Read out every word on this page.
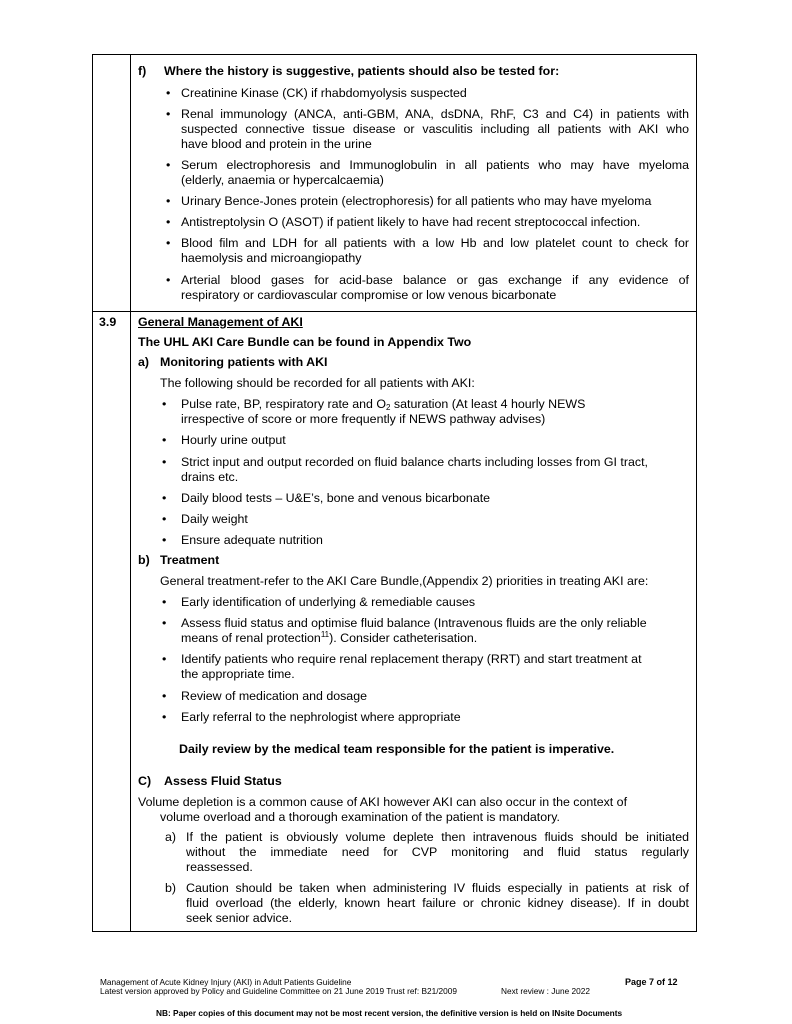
f) Where the history is suggestive, patients should also be tested for:
• Creatinine Kinase (CK) if rhabdomyolysis suspected
• Renal immunology (ANCA, anti-GBM, ANA, dsDNA, RhF, C3 and C4) in patients with
suspected connective tissue disease or vasculitis including all patients with AKI who
have blood and protein in the urine
• Serum electrophoresis and Immunoglobulin in all patients who may have myeloma
(elderly, anaemia or hypercalcaemia)
• Urinary Bence-Jones protein (electrophoresis) for all patients who may have myeloma
• Antistreptolysin O (ASOT) if patient likely to have had recent streptococcal infection.
• Blood film and LDH for all patients with a low Hb and low platelet count to check for
haemolysis and microangiopathy
• Arterial blood gases for acid-base balance or gas exchange if any evidence of
respiratory or cardiovascular compromise or low venous bicarbonate
3.9 General Management of AKI
The UHL AKI Care Bundle can be found in Appendix Two
a) Monitoring patients with AKI
The following should be recorded for all patients with AKI:
• Pulse rate, BP, respiratory rate and $O_2$ saturation (At least 4 hourly NEWS
irrespective of score or more frequently if NEWS pathway advises)
• Hourly urine output
• Strict input and output recorded on fluid balance charts including losses from GI tract,
drains etc.
• Daily blood tests – U&E’s, bone and venous bicarbonate
• Daily weight
• Ensure adequate nutrition
b) Treatment
General treatment-refer to the AKI Care Bundle,(Appendix 2) priorities in treating AKI are:
• Early identification of underlying & remediable causes
• Assess fluid status and optimise fluid balance (Intravenous fluids are the only reliable
means of renal protection$^{11}$). Consider catheterisation.
• Identify patients who require renal replacement therapy (RRT) and start treatment at
the appropriate time.
• Review of medication and dosage
• Early referral to the nephrologist where appropriate
Daily review by the medical team responsible for the patient is imperative.
C) Assess Fluid Status
Volume depletion is a common cause of AKI however AKI can also occur in the context of
volume overload and a thorough examination of the patient is mandatory.
a) If the patient is obviously volume deplete then intravenous fluids should be initiated
without the immediate need for CVP monitoring and fluid status regularly
reassessed.
b) Caution should be taken when administering IV fluids especially in patients at risk of
fluid overload (the elderly, known heart failure or chronic kidney disease). If in doubt
seek senior advice.
Management of Acute Kidney Injury (AKI) in Adult Patients Guideline
Latest version approved by Policy and Guideline Committee on 21 June 2019 Trust ref: B21/2009	Next review : June 2022
Page 7 of 12
NB: Paper copies of this document may not be most recent version, the definitive version is held on INsite Documents
